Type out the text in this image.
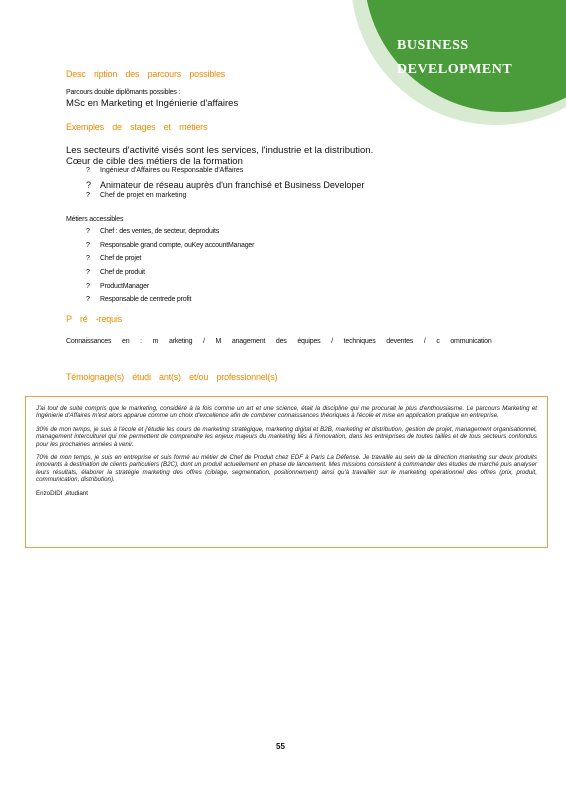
BUSINESS
DEVELOPMENT
Desc ription des parcours possibles
Parcours double diplômants possibles :
MSc en Marketing et Ingénierie d'affaires
Exemples de stages et métiers
Les secteurs d'activité visés sont les services, l'industrie et la distribution.
Cœur de cible des métiers de la formation
? Ingénieur d'Affaires ou Responsable d'Affaires
? Animateur de réseau auprès d'un franchisé et Business Developer
? Chef de projet en marketing
Métiers accessibles
? Chef : des ventes, de secteur, deproduits
? Responsable grand compte, ouKey accountManager
? Chef de projet
? Chef de produit
? ProductManager
? Responsable de centrede profit
P ré -requis
Connaissances en : m arketing / M anagement des équipes / techniques deventes / c ommunication
Témoignage(s) étudi ant(s) et/ou professionnel(s)

J'ai tout de suite compris que le marketing, considéré à la fois comme un art et une science, était la discipline qui me procurait le plus d'enthousiasme. Le parcours Marketing et Ingénierie d'Affaires m'est alors apparue comme un choix d'excellence afin de combiner connaissances théoriques à l'école et mise en application pratique en entreprise.

30% de mon temps, je suis à l'école et j'étudie les cours de marketing stratégique, marketing digital et B2B, marketing et distribution, gestion de projet, management organisationnel, management interculturel qui me permettent de comprendre les enjeux majeurs du marketing liés à l'innovation, dans les entreprises de toutes tailles et de tous secteurs confondus pour les prochaines années à venir.

70% de mon temps, je suis en entreprise et suis formé au métier de Chef de Produit chez EDF à Paris La Défense. Je travaille au sein de la direction marketing sur deux produits innovants à destination de clients particuliers (B2C), dont un produit actuellement en phase de lancement. Mes missions consistent à commander des études de marché puis analyser leurs résultats, élaborer la stratégie marketing des offres (ciblage, segmentation, positionnement) ainsi qu'à travailler sur le marketing opérationnel des offres (prix, produit, communication, distribution).

EnzoDIDI ,étudiant
55
